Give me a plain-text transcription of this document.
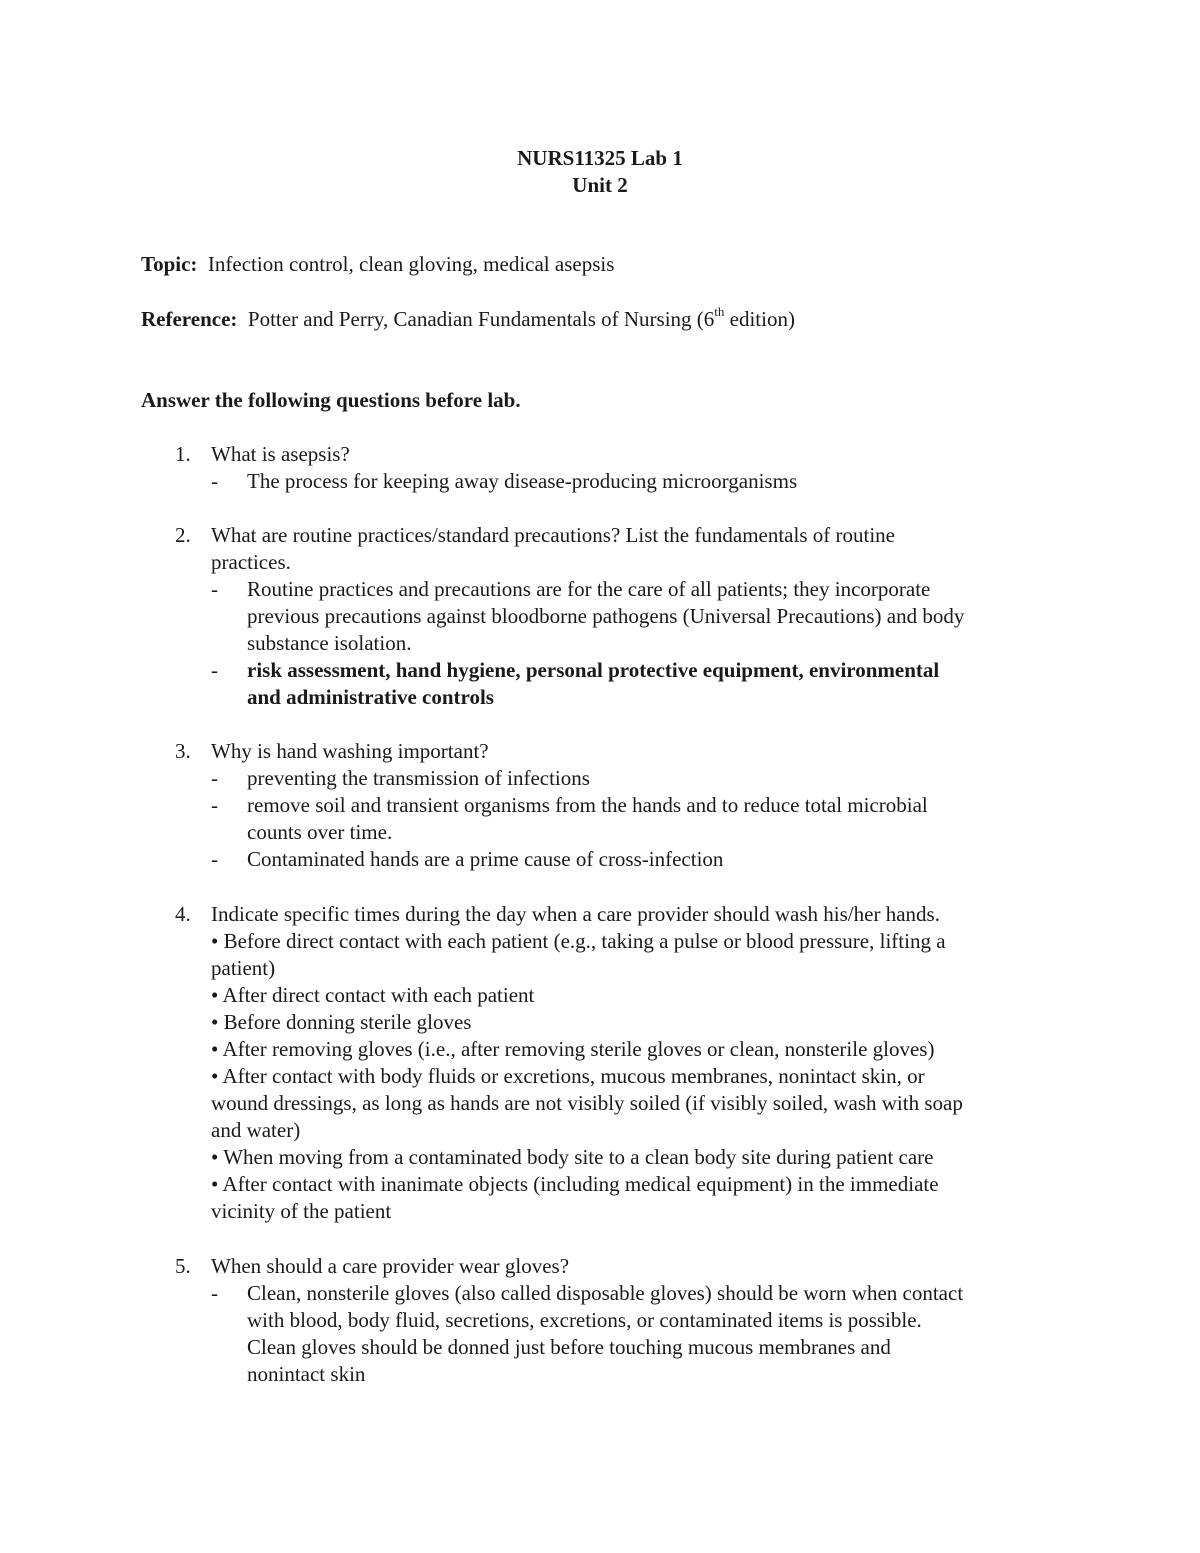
NURS11325 Lab 1
Unit 2
Topic: Infection control, clean gloving, medical asepsis
Reference: Potter and Perry, Canadian Fundamentals of Nursing (6th edition)
Answer the following questions before lab.
1. What is asepsis?
- The process for keeping away disease-producing microorganisms
2. What are routine practices/standard precautions? List the fundamentals of routine
practices.
- Routine practices and precautions are for the care of all patients; they incorporate
previous precautions against bloodborne pathogens (Universal Precautions) and body
substance isolation.
- risk assessment, hand hygiene, personal protective equipment, environmental
and administrative controls
3. Why is hand washing important?
- preventing the transmission of infections
- remove soil and transient organisms from the hands and to reduce total microbial
counts over time.
- Contaminated hands are a prime cause of cross-infection
4. Indicate specific times during the day when a care provider should wash his/her hands.
• Before direct contact with each patient (e.g., taking a pulse or blood pressure, lifting a
patient)
• After direct contact with each patient
• Before donning sterile gloves
• After removing gloves (i.e., after removing sterile gloves or clean, nonsterile gloves)
• After contact with body fluids or excretions, mucous membranes, nonintact skin, or
wound dressings, as long as hands are not visibly soiled (if visibly soiled, wash with soap
and water)
• When moving from a contaminated body site to a clean body site during patient care
• After contact with inanimate objects (including medical equipment) in the immediate
vicinity of the patient
5. When should a care provider wear gloves?
- Clean, nonsterile gloves (also called disposable gloves) should be worn when contact
with blood, body fluid, secretions, excretions, or contaminated items is possible.
Clean gloves should be donned just before touching mucous membranes and
nonintact skin
